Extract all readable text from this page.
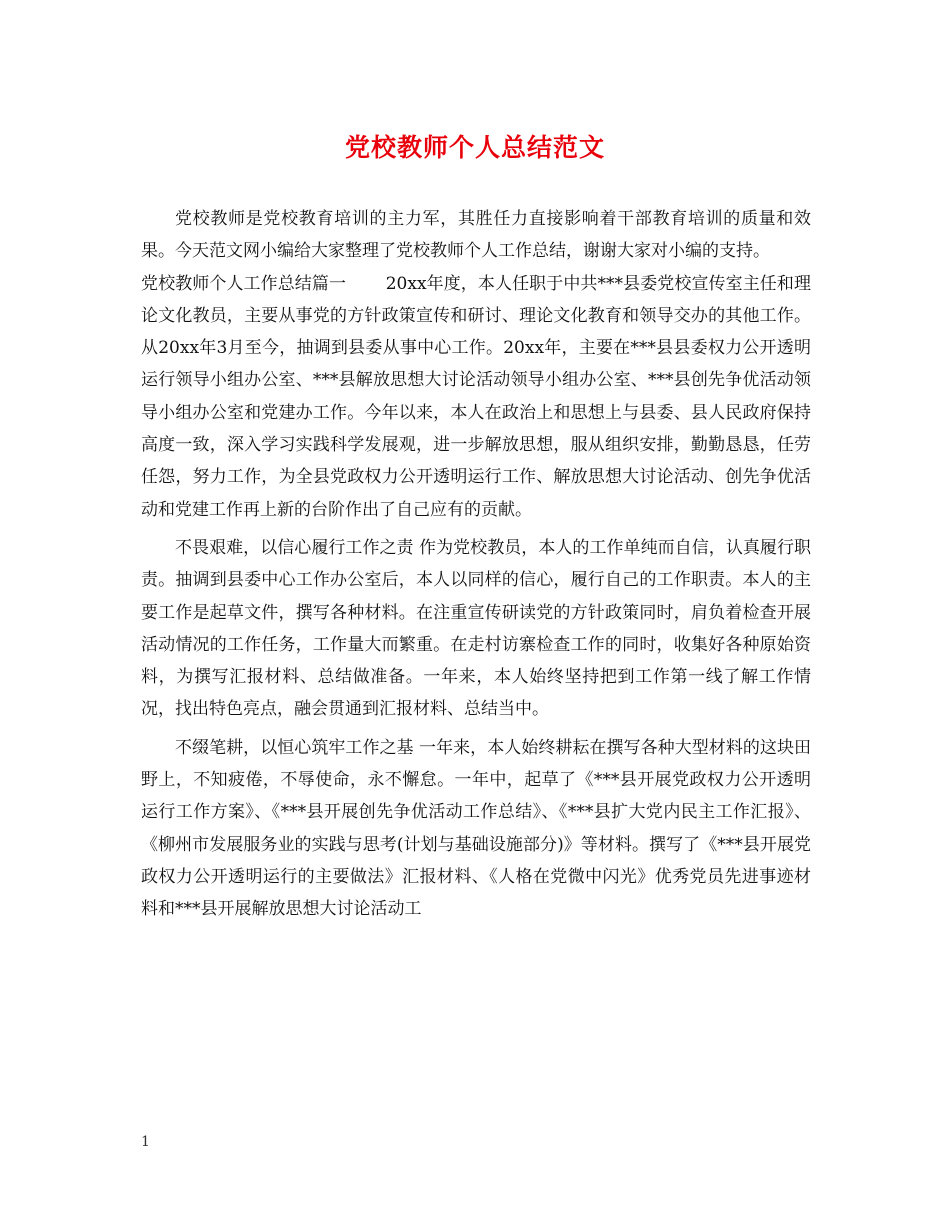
党校教师个人总结范文

党校教师是党校教育培训的主力军，其胜任力直接影响着干部教育培训的质量和效果。今天范文网小编给大家整理了党校教师个人工作总结，谢谢大家对小编的支持。

党校教师个人工作总结篇一　　 20xx年度，本人任职于中共***县委党校宣传室主任和理论文化教员，主要从事党的方针政策宣传和研讨、理论文化教育和领导交办的其他工作。从20xx年3月至今，抽调到县委从事中心工作。20xx年，主要在***县县委权力公开透明运行领导小组办公室、***县解放思想大讨论活动领导小组办公室、***县创先争优活动领导小组办公室和党建办工作。今年以来，本人在政治上和思想上与县委、县人民政府保持高度一致，深入学习实践科学发展观，进一步解放思想，服从组织安排，勤勤恳恳，任劳任怨，努力工作，为全县党政权力公开透明运行工作、解放思想大讨论活动、创先争优活动和党建工作再上新的台阶作出了自己应有的贡献。

不畏艰难，以信心履行工作之责 作为党校教员，本人的工作单纯而自信，认真履行职责。抽调到县委中心工作办公室后，本人以同样的信心，履行自己的工作职责。本人的主要工作是起草文件，撰写各种材料。在注重宣传研读党的方针政策同时，肩负着检查开展活动情况的工作任务，工作量大而繁重。在走村访寨检查工作的同时，收集好各种原始资料，为撰写汇报材料、总结做准备。一年来，本人始终坚持把到工作第一线了解工作情况，找出特色亮点，融会贯通到汇报材料、总结当中。

不缀笔耕，以恒心筑牢工作之基 一年来，本人始终耕耘在撰写各种大型材料的这块田野上，不知疲倦，不辱使命，永不懈怠。一年中，起草了《***县开展党政权力公开透明运行工作方案》、《***县开展创先争优活动工作总结》、《***县扩大党内民主工作汇报》、《柳州市发展服务业的实践与思考(计划与基础设施部分)》等材料。撰写了《***县开展党政权力公开透明运行的主要做法》汇报材料、《人格在党微中闪光》优秀党员先进事迹材料和***县开展解放思想大讨论活动工

1
